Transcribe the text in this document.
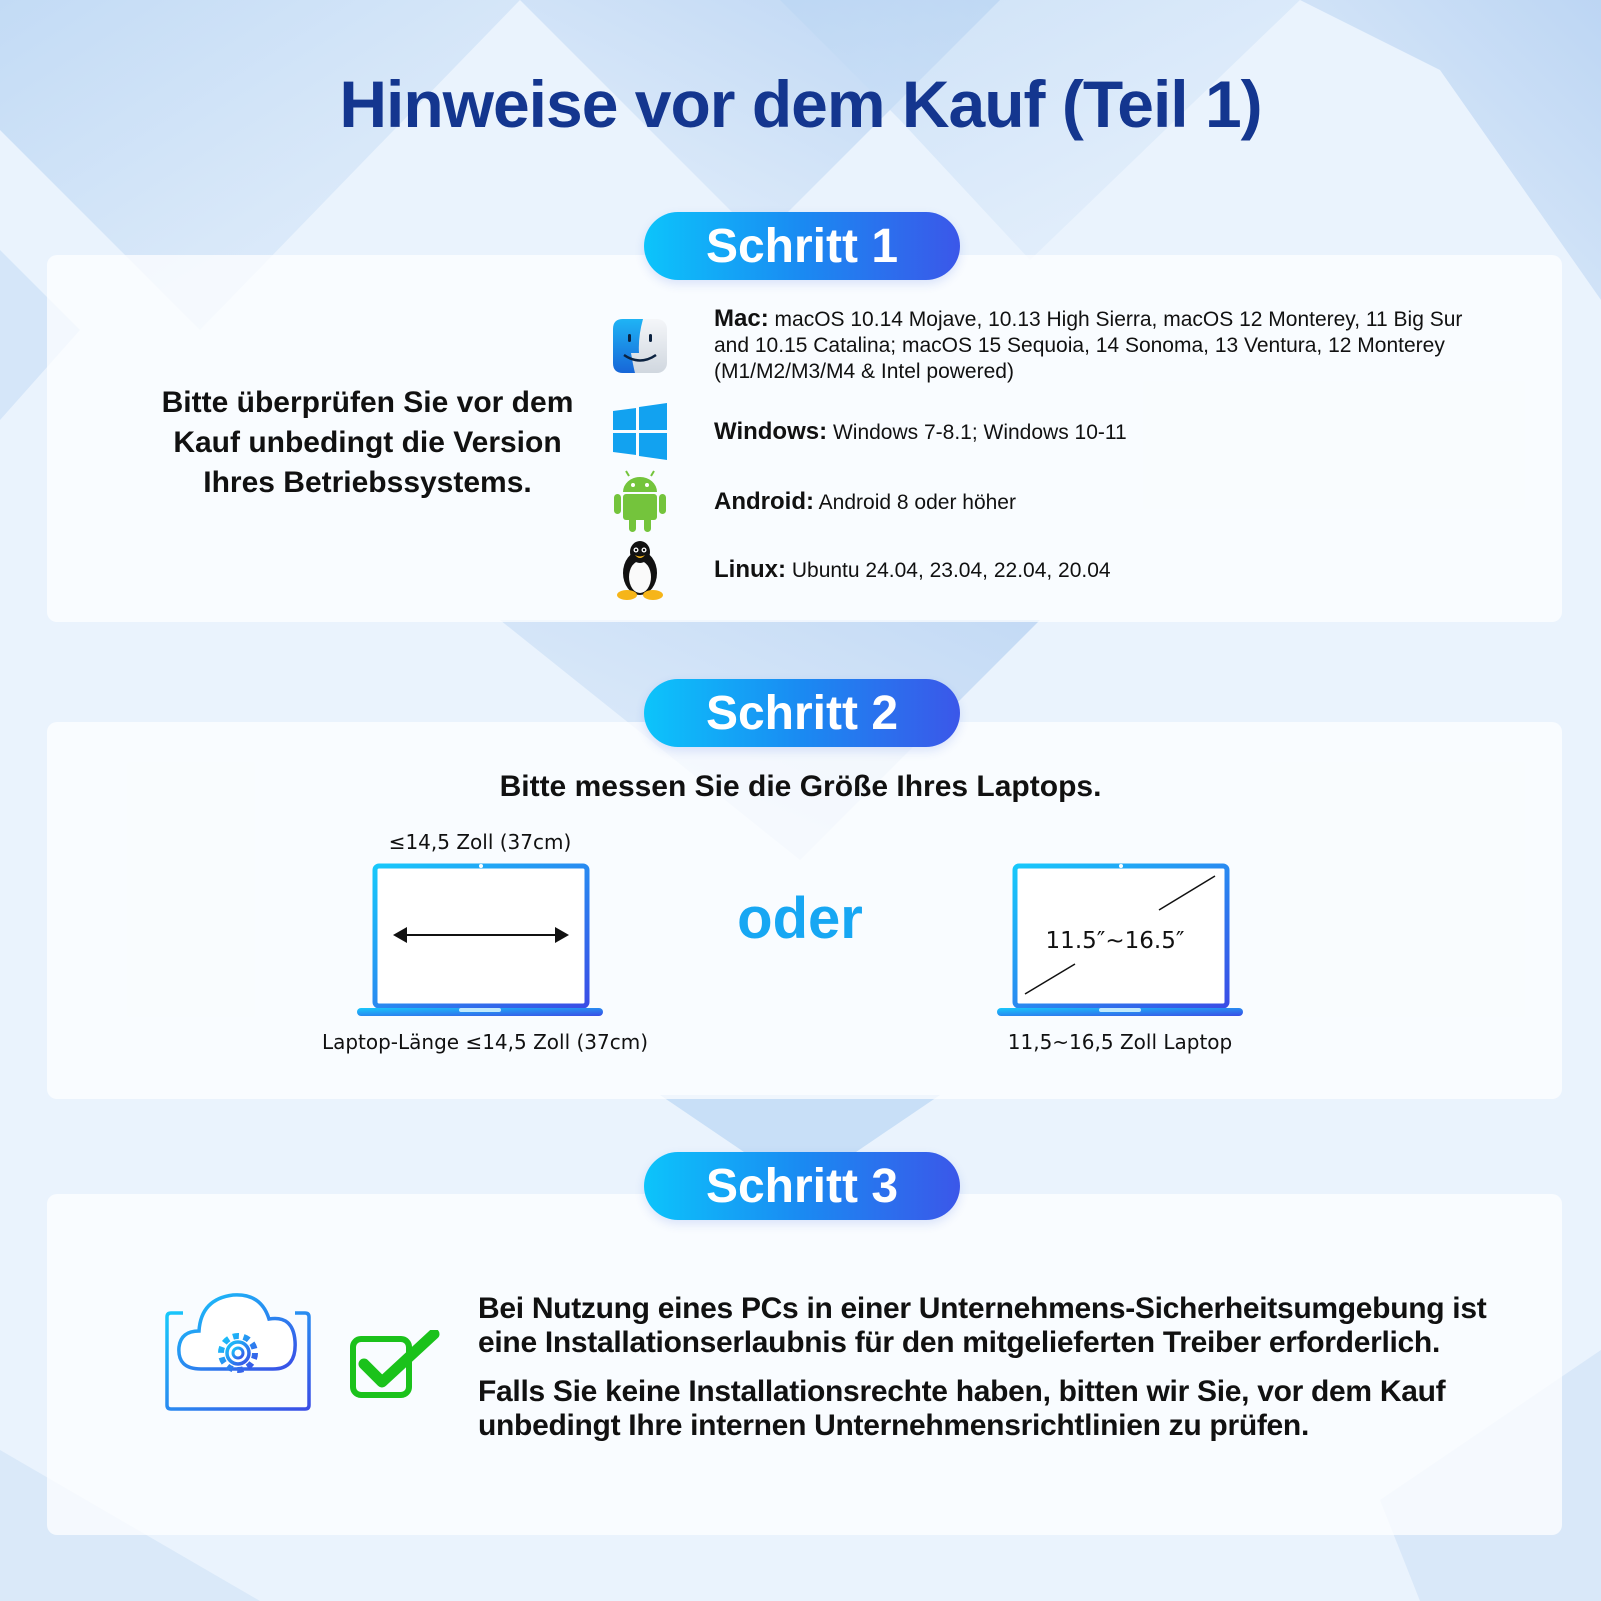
Hinweise vor dem Kauf (Teil 1)
Schritt 1
Bitte überprüfen Sie vor dem Kauf unbedingt die Version Ihres Betriebssystems.
Mac: macOS 10.14 Mojave, 10.13 High Sierra, macOS 12 Monterey, 11 Big Sur and 10.15 Catalina; macOS 15 Sequoia, 14 Sonoma, 13 Ventura, 12 Monterey (M1/M2/M3/M4 & Intel powered)
Windows: Windows 7-8.1; Windows 10-11
Android: Android 8 oder höher
Linux: Ubuntu 24.04, 23.04, 22.04, 20.04
Schritt 2
Bitte messen Sie die Größe Ihres Laptops.
≤14,5 Zoll (37cm)
Laptop-Länge ≤14,5 Zoll (37cm)
oder	11.5″~16.5″
11,5~16,5 Zoll Laptop
Schritt 3

Bei Nutzung eines PCs in einer Unternehmens-Sicherheitsumgebung ist eine Installationserlaubnis für den mitgelieferten Treiber erforderlich.

Falls Sie keine Installationsrechte haben, bitten wir Sie, vor dem Kauf unbedingt Ihre internen Unternehmensrichtlinien zu prüfen.
